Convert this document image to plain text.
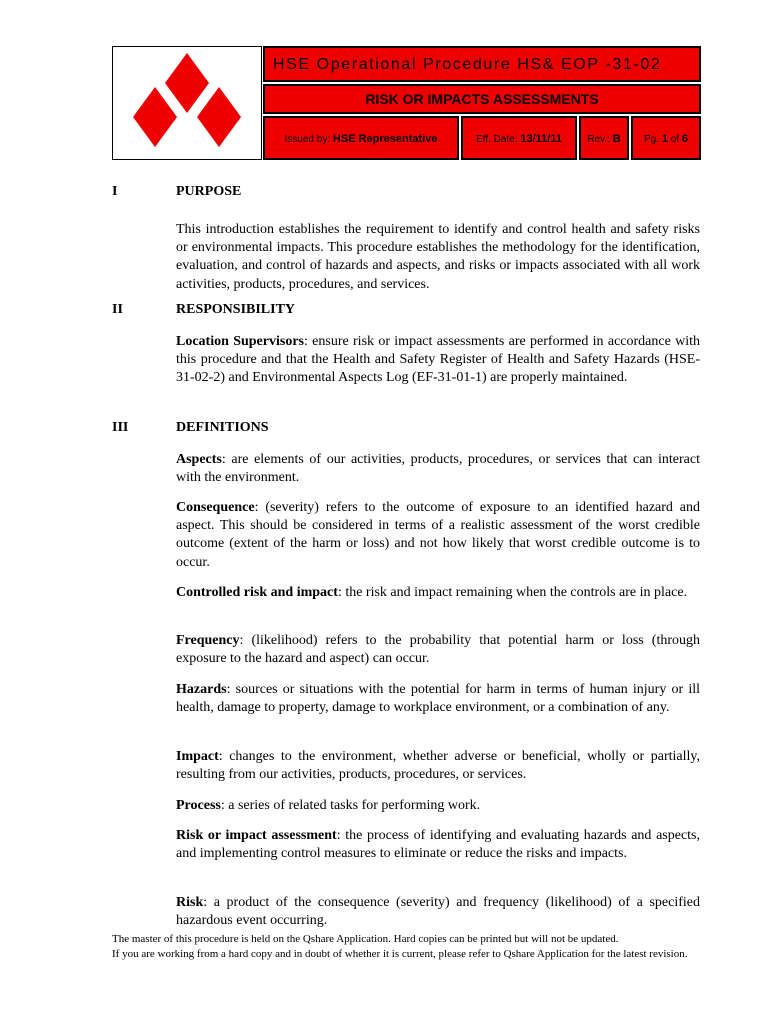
HSE Operational Procedure HS& EOP -31-02
RISK OR IMPACTS ASSESSMENTS
Issued by: HSE Representative	Eff. Date: 13/11/11	Rev.: B	Pg. 1 of 6
I	PURPOSE
This introduction establishes the requirement to identify and control health and safety risks or environmental impacts. This procedure establishes the methodology for the identification, evaluation, and control of hazards and aspects, and risks or impacts associated with all work activities, products, procedures, and services.
II	RESPONSIBILITY
Location Supervisors: ensure risk or impact assessments are performed in accordance with this procedure and that the Health and Safety Register of Health and Safety Hazards (HSE-31-02-2) and Environmental Aspects Log (EF-31-01-1) are properly maintained.
III	DEFINITIONS
Aspects: are elements of our activities, products, procedures, or services that can interact with the environment.
Consequence: (severity) refers to the outcome of exposure to an identified hazard and aspect. This should be considered in terms of a realistic assessment of the worst credible outcome (extent of the harm or loss) and not how likely that worst credible outcome is to occur.
Controlled risk and impact: the risk and impact remaining when the controls are in place.
Frequency: (likelihood) refers to the probability that potential harm or loss (through exposure to the hazard and aspect) can occur.
Hazards: sources or situations with the potential for harm in terms of human injury or ill health, damage to property, damage to workplace environment, or a combination of any.
Impact: changes to the environment, whether adverse or beneficial, wholly or partially, resulting from our activities, products, procedures, or services.
Process: a series of related tasks for performing work.
Risk or impact assessment: the process of identifying and evaluating hazards and aspects, and implementing control measures to eliminate or reduce the risks and impacts.
Risk: a product of the consequence (severity) and frequency (likelihood) of a specified hazardous event occurring.
The master of this procedure is held on the Qshare Application. Hard copies can be printed but will not be updated.
If you are working from a hard copy and in doubt of whether it is current, please refer to Qshare Application for the latest revision.
